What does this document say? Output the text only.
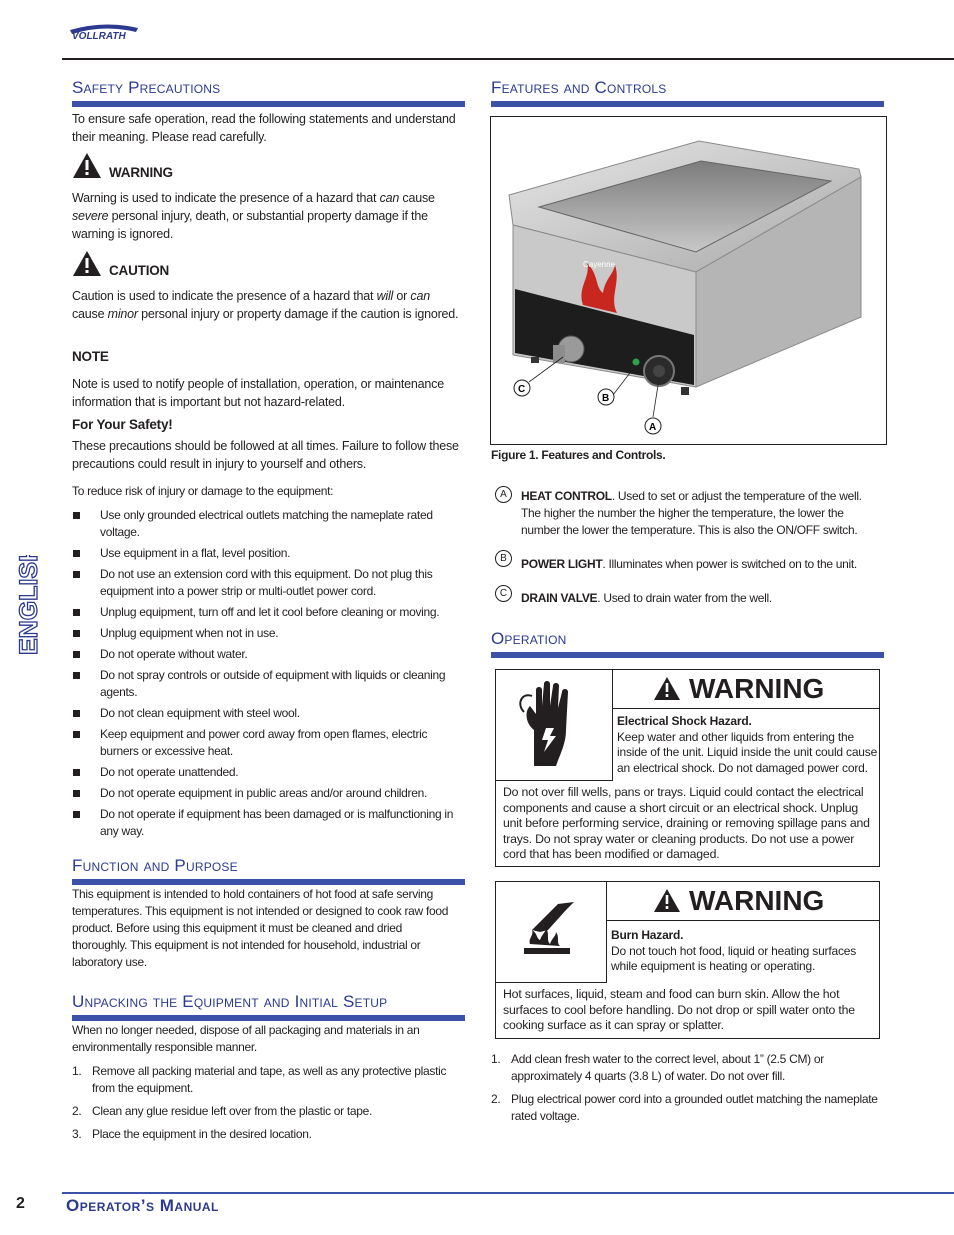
VOLLRATH
ENGLISH
Safety Precautions
To ensure safe operation, read the following statements and understand their meaning. Please read carefully.
WARNING
Warning is used to indicate the presence of a hazard that can cause severe personal injury, death, or substantial property damage if the warning is ignored.
CAUTION
Caution is used to indicate the presence of a hazard that will or can cause minor personal injury or property damage if the caution is ignored.
NOTE
Note is used to notify people of installation, operation, or maintenance information that is important but not hazard-related.
For Your Safety!
These precautions should be followed at all times. Failure to follow these precautions could result in injury to yourself and others.
To reduce risk of injury or damage to the equipment:
Use only grounded electrical outlets matching the nameplate rated voltage.
Use equipment in a flat, level position.
Do not use an extension cord with this equipment. Do not plug this equipment into a power strip or multi-outlet power cord.
Unplug equipment, turn off and let it cool before cleaning or moving.
Unplug equipment when not in use.
Do not operate without water.
Do not spray controls or outside of equipment with liquids or cleaning agents.
Do not clean equipment with steel wool.
Keep equipment and power cord away from open flames, electric burners or excessive heat.
Do not operate unattended.
Do not operate equipment in public areas and/or around children.
Do not operate if equipment has been damaged or is malfunctioning in any way.
Function and Purpose
This equipment is intended to hold containers of hot food at safe serving temperatures. This equipment is not intended or designed to cook raw food product. Before using this equipment it must be cleaned and dried thoroughly. This equipment is not intended for household, industrial or laboratory use.
Unpacking the Equipment and Initial Setup
When no longer needed, dispose of all packaging and materials in an environmentally responsible manner.
1. Remove all packing material and tape, as well as any protective plastic from the equipment.
2. Clean any glue residue left over from the plastic or tape.
3. Place the equipment in the desired location.
Features and Controls
Cayenne
C
B
A
Figure 1. Features and Controls.
A	HEAT CONTROL. Used to set or adjust the temperature of the well. The higher the number the higher the temperature, the lower the number the lower the temperature. This is also the ON/OFF switch.
B	POWER LIGHT. Illuminates when power is switched on to the unit.
C	DRAIN VALVE. Used to drain water from the well.
Operation
WARNING
Electrical Shock Hazard.
Keep water and other liquids from entering the inside of the unit. Liquid inside the unit could cause an electrical shock. Do not damaged power cord.
Do not over fill wells, pans or trays. Liquid could contact the electrical components and cause a short circuit or an electrical shock. Unplug unit before performing service, draining or removing spillage pans and trays. Do not spray water or cleaning products. Do not use a power cord that has been modified or damaged.
WARNING
Burn Hazard.
Do not touch hot food, liquid or heating surfaces while equipment is heating or operating.
Hot surfaces, liquid, steam and food can burn skin. Allow the hot surfaces to cool before handling. Do not drop or spill water onto the cooking surface as it can spray or splatter.
1. Add clean fresh water to the correct level, about 1” (2.5 CM) or approximately 4 quarts (3.8 L) of water. Do not over fill.
2. Plug electrical power cord into a grounded outlet matching the nameplate rated voltage.
2 Operator’s Manual
